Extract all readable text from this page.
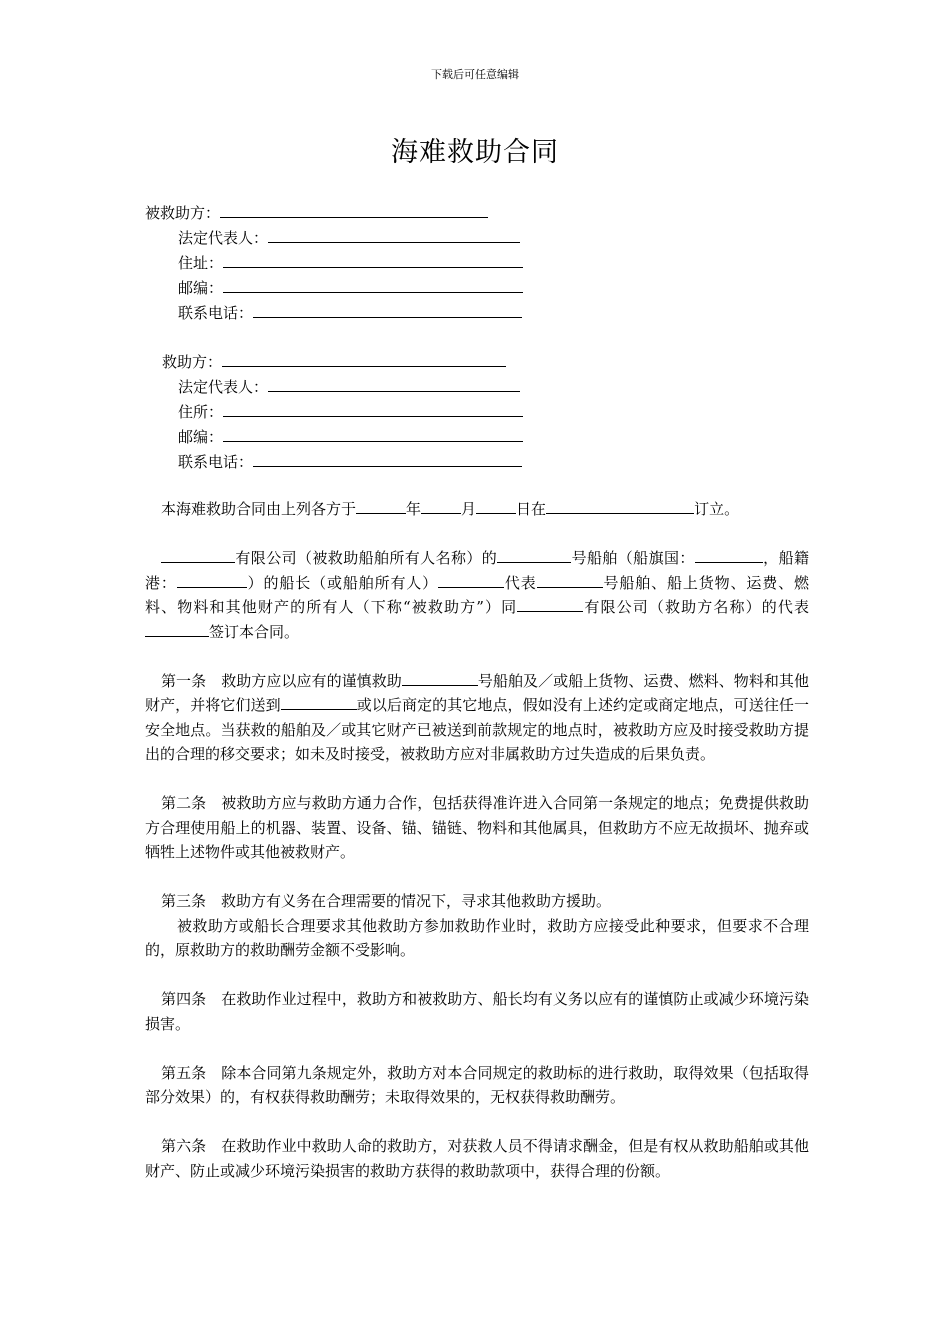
下载后可任意编辑
海难救助合同
被救助方：
法定代表人：
住址：
邮编：
联系电话：
救助方：
法定代表人：
住所：
邮编：
联系电话：

本海难救助合同由上列各方于	年	月	日在	订立。

有限公司（被救助船舶所有人名称）的	号船舶（船旗国：	，船籍港：	）的船长（或船舶所有人）	代表	号船舶、船上货物、运费、燃料、物料和其他财产的所有人（下称“被救助方”）同	有限公司（救助方名称）的代表签订本合同。

第一条　救助方应以应有的谨慎救助	号船舶及／或船上货物、运费、燃料、物料和其他财产，并将它们送到	或以后商定的其它地点，假如没有上述约定或商定地点，可送往任一安全地点。当获救的船舶及／或其它财产已被送到前款规定的地点时，被救助方应及时接受救助方提出的合理的移交要求；如未及时接受，被救助方应对非属救助方过失造成的后果负责。

第二条　被救助方应与救助方通力合作，包括获得准许进入合同第一条规定的地点；免费提供救助方合理使用船上的机器、装置、设备、锚、锚链、物料和其他属具，但救助方不应无故损坏、抛弃或牺牲上述物件或其他被救财产。

第三条　救助方有义务在合理需要的情况下，寻求其他救助方援助。

被救助方或船长合理要求其他救助方参加救助作业时，救助方应接受此种要求，但要求不合理的，原救助方的救助酬劳金额不受影响。

第四条　在救助作业过程中，救助方和被救助方、船长均有义务以应有的谨慎防止或减少环境污染损害。

第五条　除本合同第九条规定外，救助方对本合同规定的救助标的进行救助，取得效果（包括取得部分效果）的，有权获得救助酬劳；未取得效果的，无权获得救助酬劳。

第六条　在救助作业中救助人命的救助方，对获救人员不得请求酬金，但是有权从救助船舶或其他财产、防止或减少环境污染损害的救助方获得的救助款项中，获得合理的份额。
